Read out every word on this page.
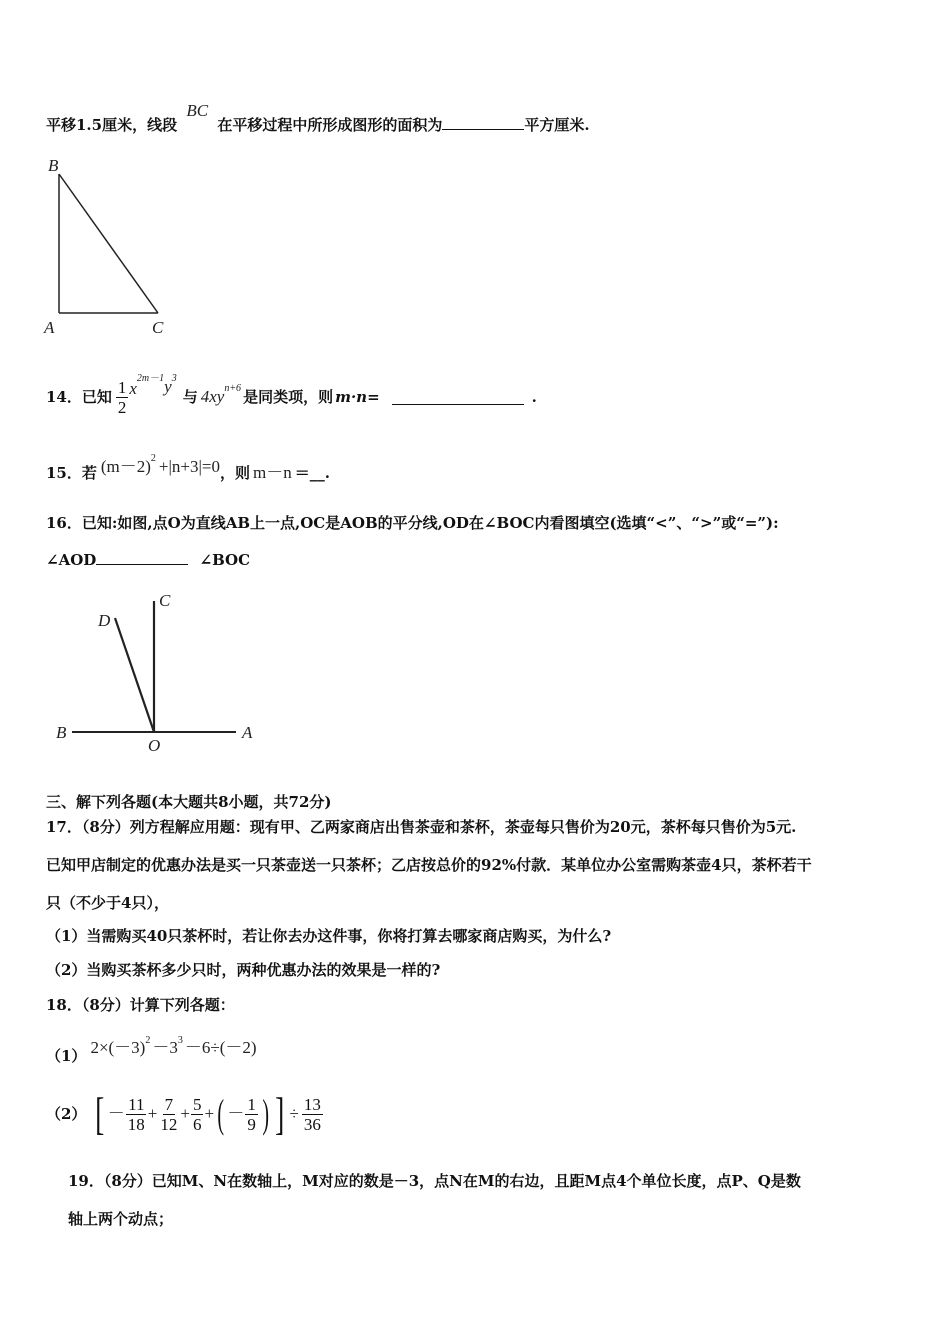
平移1.5厘米，线段 BC 在平移过程中所形成图形的面积为	平方厘米.
B
A	C
14．已知 $\frac{1}{2}$ x
2m－1 y 3
与 4xy n+6 是同类项，则 m·n=	.
15．若 (m－2) 2 +|n+3|=0 ，则 m－n ＝__.
16．已知:如图,点O为直线AB上一点,OC是AOB的平分线,OD在∠BOC内看图填空(选填“<”、“>”或“=”):
∠AOD	∠BOC
D
C
B
O
A
三、解下列各题(本大题共8小题，共72分)
17．（8分）列方程解应用题：现有甲、乙两家商店出售茶壶和茶杯，茶壶每只售价为20元，茶杯每只售价为5元.
已知甲店制定的优惠办法是买一只茶壶送一只茶杯；乙店按总价的92%付款．某单位办公室需购茶壶4只，茶杯若干
只（不少于4只），
（1）当需购买40只茶杯时，若让你去办这件事，你将打算去哪家商店购买，为什么?
（2）当购买茶杯多少只时，两种优惠办法的效果是一样的?
18．（8分）计算下列各题：
（1） 2×(－3) 2 －3 3 －6÷(－2)
（2） [ － $\frac{11}{18} + \frac{7}{12} + \frac{5}{6}$ + ( － $\frac{1}{9}$ ) ] ÷ $\frac{13}{36}$
19．（8分）已知M、N在数轴上，M对应的数是－3，点N在M的右边，且距M点4个单位长度，点P、Q是数
轴上两个动点；
